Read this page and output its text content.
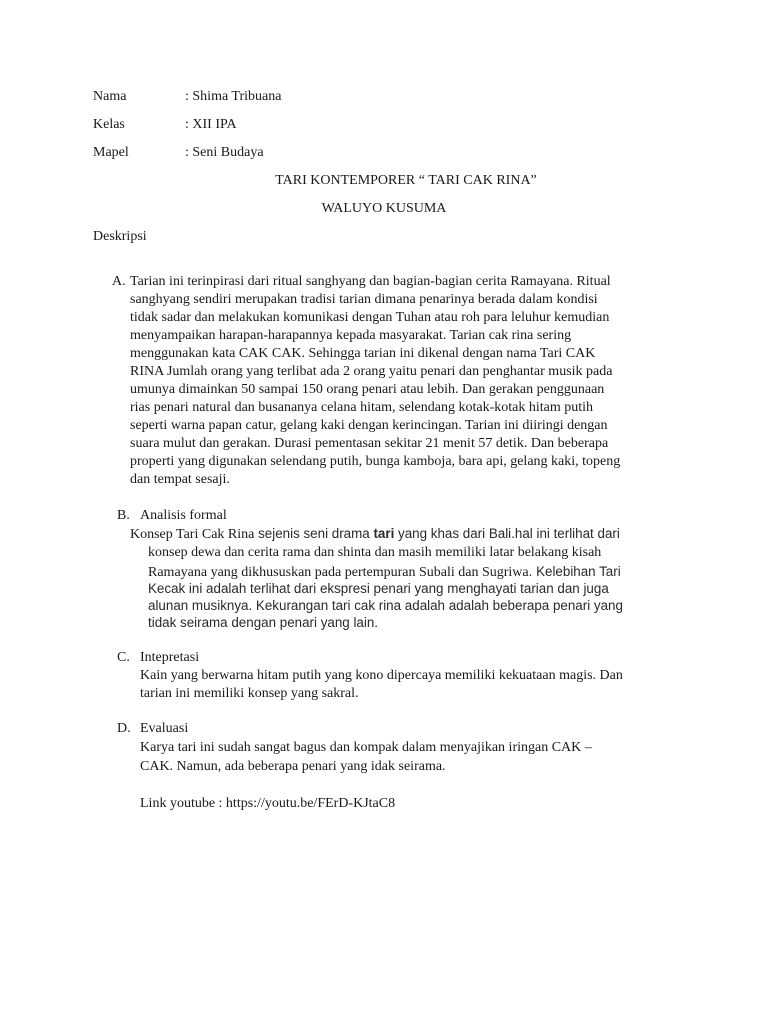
Nama	: Shima Tribuana
Kelas	: XII IPA
Mapel	: Seni Budaya
TARI KONTEMPORER “ TARI CAK RINA”
WALUYO KUSUMA
Deskripsi
A. Tarian ini terinpirasi dari ritual sanghyang dan bagian-bagian cerita Ramayana. Ritual
sanghyang sendiri merupakan tradisi tarian dimana penarinya berada dalam kondisi
tidak sadar dan melakukan komunikasi dengan Tuhan atau roh para leluhur kemudian
menyampaikan harapan-harapannya kepada masyarakat. Tarian cak rina sering
menggunakan kata CAK CAK. Sehingga tarian ini dikenal dengan nama Tari CAK
RINA Jumlah orang yang terlibat ada 2 orang yaitu penari dan penghantar musik pada
umunya dimainkan 50 sampai 150 orang penari atau lebih. Dan gerakan penggunaan
rias penari natural dan busananya celana hitam, selendang kotak-kotak hitam putih
seperti warna papan catur, gelang kaki dengan kerincingan. Tarian ini diiringi dengan
suara mulut dan gerakan. Durasi pementasan sekitar 21 menit 57 detik. Dan beberapa
properti yang digunakan selendang putih, bunga kamboja, bara api, gelang kaki, topeng
dan tempat sesaji.
B. Analisis formal
Konsep Tari Cak Rina sejenis seni drama tari yang khas dari Bali.hal ini terlihat dari
konsep dewa dan cerita rama dan shinta dan masih memiliki latar belakang kisah
Ramayana yang dikhususkan pada pertempuran Subali dan Sugriwa. Kelebihan Tari
Kecak ini adalah terlihat dari ekspresi penari yang menghayati tarian dan juga
alunan musiknya. Kekurangan tari cak rina adalah adalah beberapa penari yang
tidak seirama dengan penari yang lain.
C. Intepretasi
Kain yang berwarna hitam putih yang kono dipercaya memiliki kekuataan magis. Dan
tarian ini memiliki konsep yang sakral.
D. Evaluasi
Karya tari ini sudah sangat bagus dan kompak dalam menyajikan iringan CAK –
CAK. Namun, ada beberapa penari yang idak seirama.
Link youtube : https://youtu.be/FErD-KJtaC8
